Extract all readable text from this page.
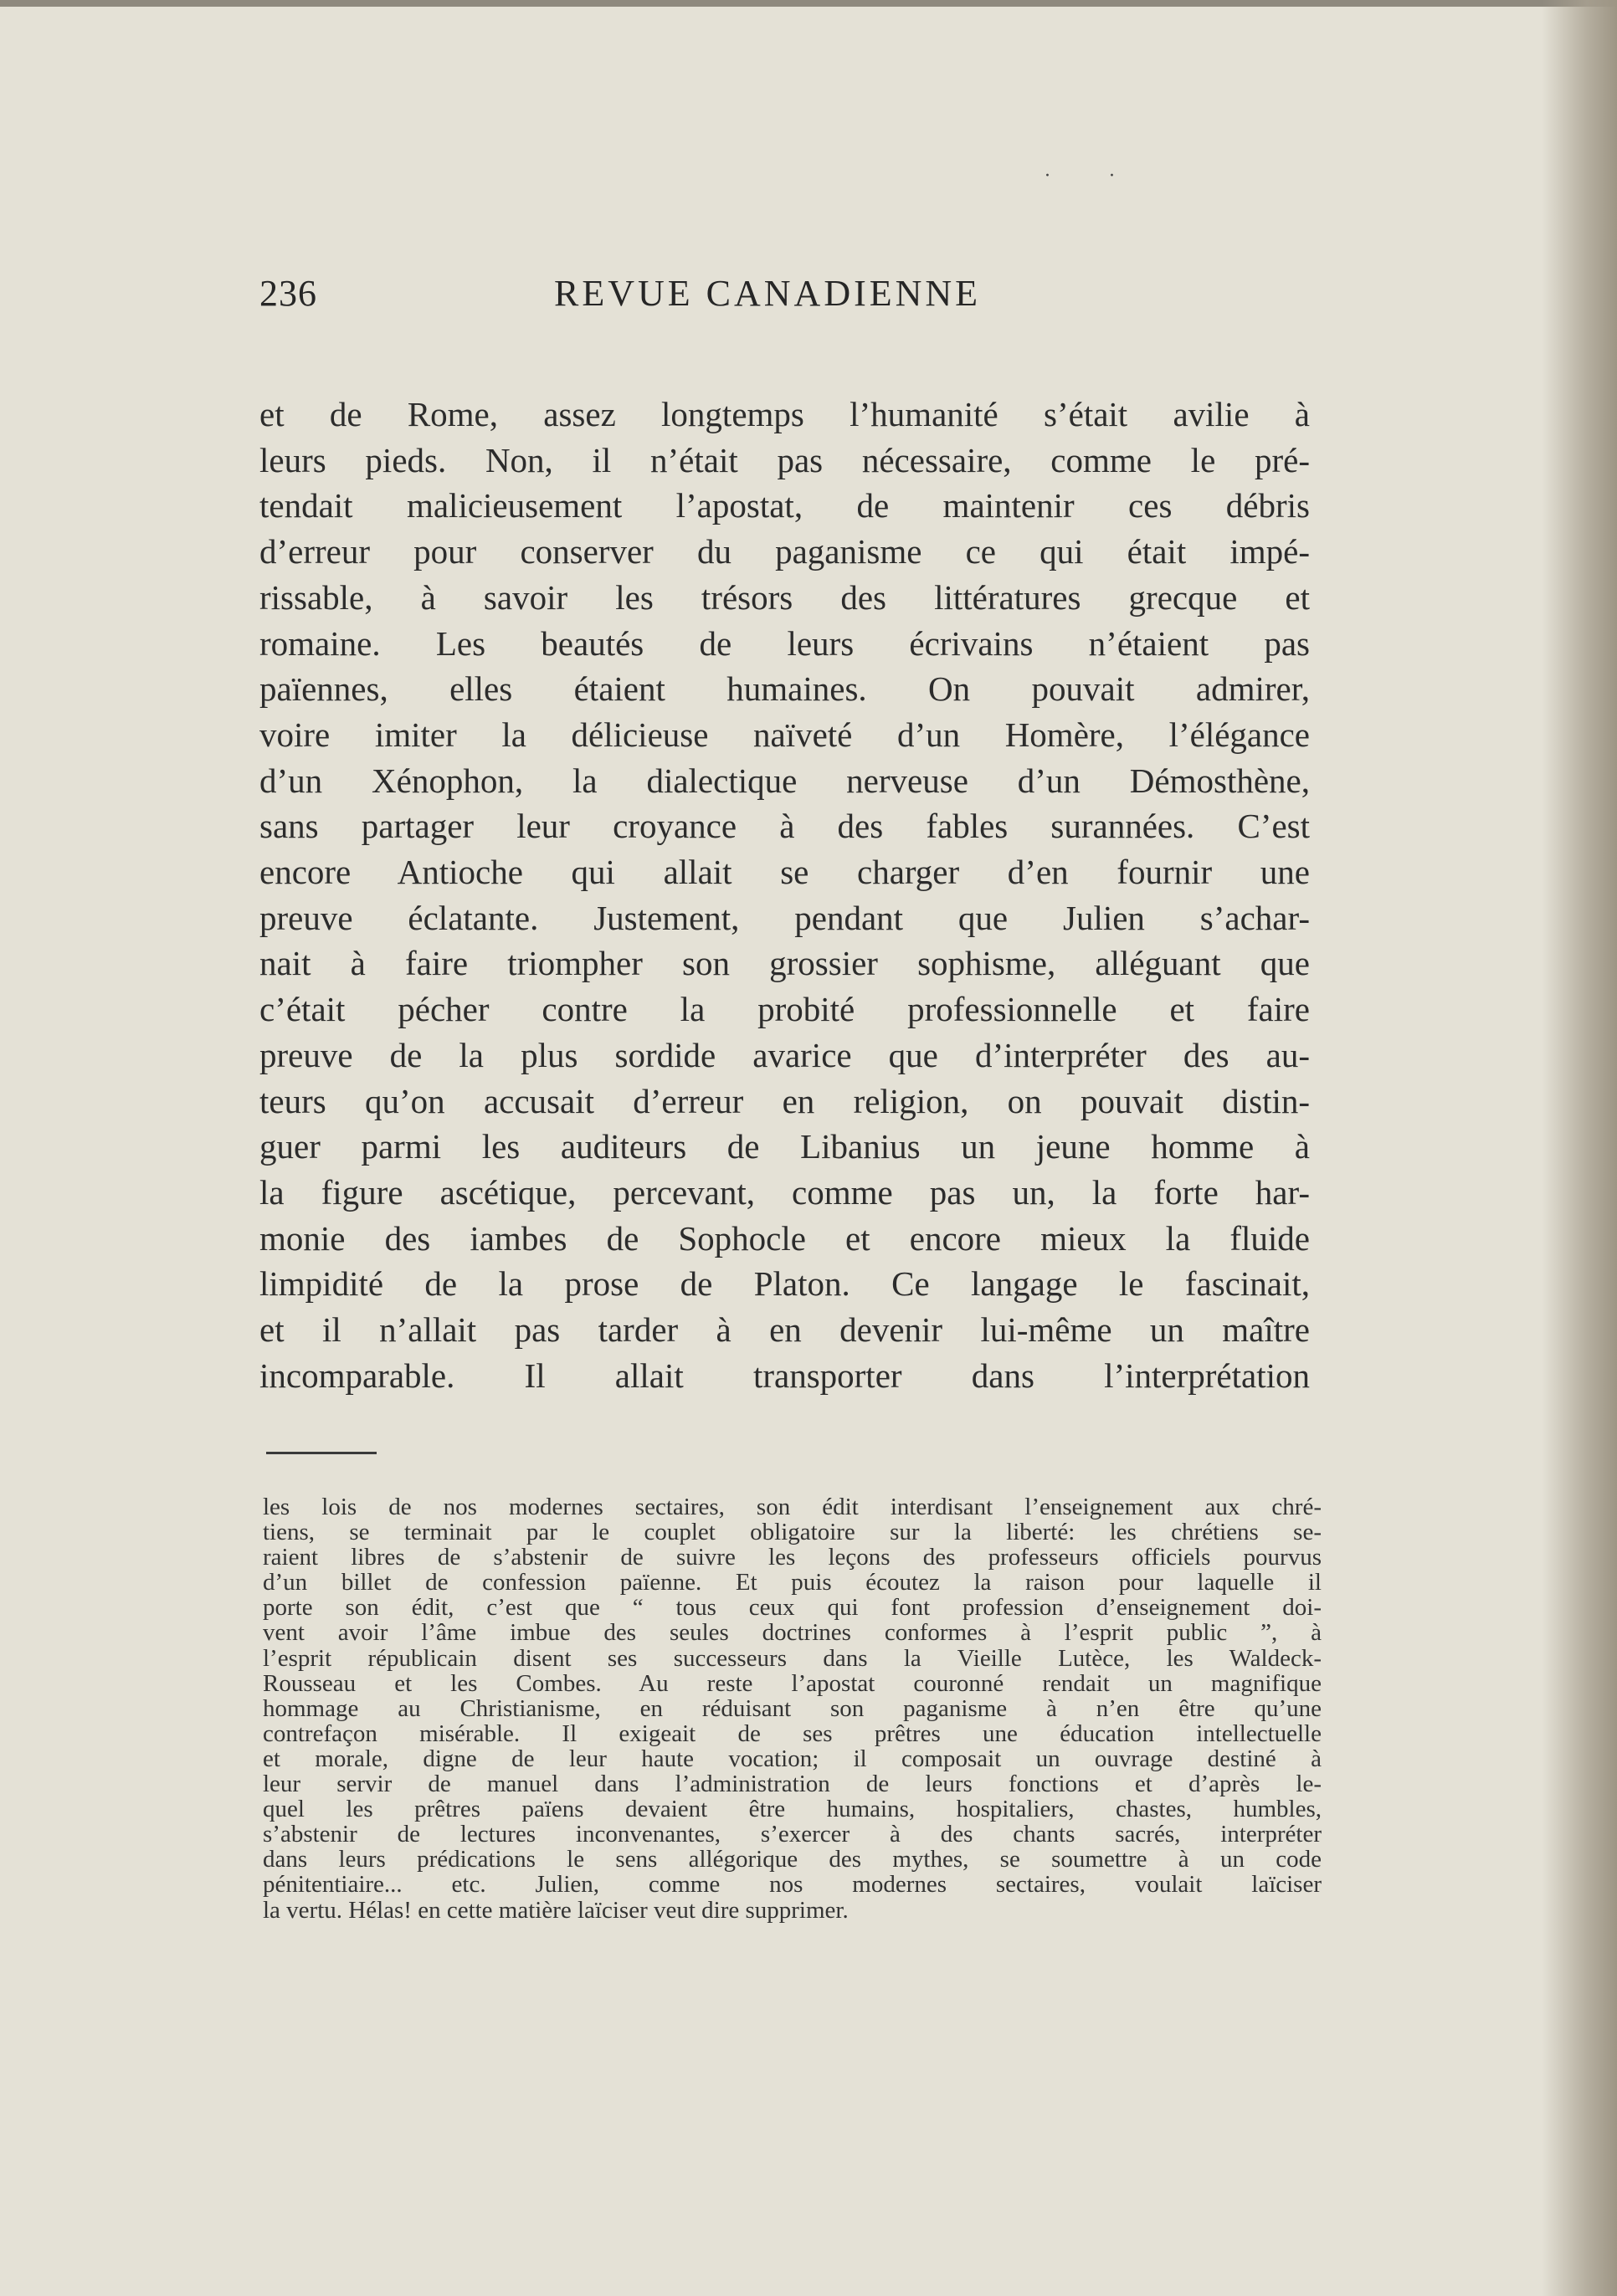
·	·
236	REVUE CANADIENNE
et de Rome, assez longtemps l’humanité s’était avilie à
leurs pieds. Non, il n’était pas nécessaire, comme le pré-
tendait malicieusement l’apostat, de maintenir ces débris
d’erreur pour conserver du paganisme ce qui était impé-
rissable, à savoir les trésors des littératures grecque et
romaine. Les beautés de leurs écrivains n’étaient pas
païennes, elles étaient humaines. On pouvait admirer,
voire imiter la délicieuse naïveté d’un Homère, l’élégance
d’un Xénophon, la dialectique nerveuse d’un Démosthène,
sans partager leur croyance à des fables surannées. C’est
encore Antioche qui allait se charger d’en fournir une
preuve éclatante. Justement, pendant que Julien s’achar-
nait à faire triompher son grossier sophisme, alléguant que
c’était pécher contre la probité professionnelle et faire
preuve de la plus sordide avarice que d’interpréter des au-
teurs qu’on accusait d’erreur en religion, on pouvait distin-
guer parmi les auditeurs de Libanius un jeune homme à
la figure ascétique, percevant, comme pas un, la forte har-
monie des iambes de Sophocle et encore mieux la fluide
limpidité de la prose de Platon. Ce langage le fascinait,
et il n’allait pas tarder à en devenir lui-même un maître
incomparable. Il allait transporter dans l’interprétation
les lois de nos modernes sectaires, son édit interdisant l’enseignement aux chré-
tiens, se terminait par le couplet obligatoire sur la liberté: les chrétiens se-
raient libres de s’abstenir de suivre les leçons des professeurs officiels pourvus
d’un billet de confession païenne. Et puis écoutez la raison pour laquelle il
porte son édit, c’est que “ tous ceux qui font profession d’enseignement doi-
vent avoir l’âme imbue des seules doctrines conformes à l’esprit public ”, à
l’esprit républicain disent ses successeurs dans la Vieille Lutèce, les Waldeck-
Rousseau et les Combes. Au reste l’apostat couronné rendait un magnifique
hommage au Christianisme, en réduisant son paganisme à n’en être qu’une
contrefaçon misérable. Il exigeait de ses prêtres une éducation intellectuelle
et morale, digne de leur haute vocation; il composait un ouvrage destiné à
leur servir de manuel dans l’administration de leurs fonctions et d’après le-
quel les prêtres païens devaient être humains, hospitaliers, chastes, humbles,
s’abstenir de lectures inconvenantes, s’exercer à des chants sacrés, interpréter
dans leurs prédications le sens allégorique des mythes, se soumettre à un code
pénitentiaire... etc. Julien, comme nos modernes sectaires, voulait laïciser
la vertu. Hélas! en cette matière laïciser veut dire supprimer.
